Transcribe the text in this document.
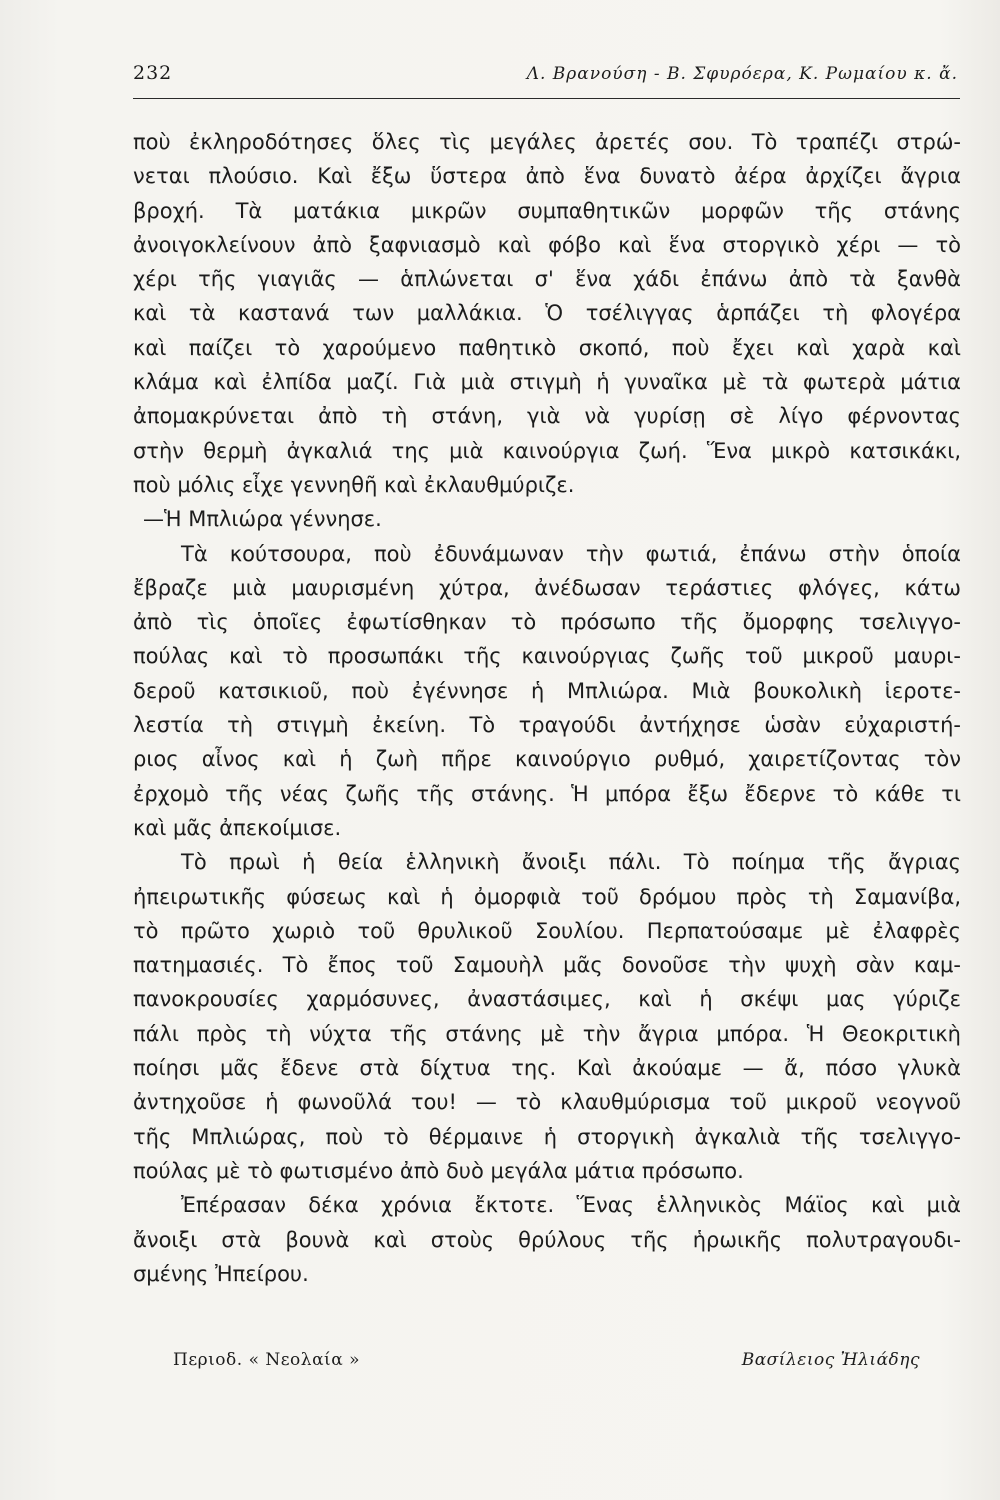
232	Λ. Βρανούση - Β. Σφυρόερα, Κ. Ρωμαίου κ. ἄ.
ποὺ ἐκληροδότησες ὅλες τὶς μεγάλες ἀρετές σου. Τὸ τραπέζι στρώ-
νεται πλούσιο. Καὶ ἔξω ὕστερα ἀπὸ ἕνα δυνατὸ ἀέρα ἀρχίζει ἄγρια
βροχή. Τὰ ματάκια μικρῶν συμπαθητικῶν μορφῶν τῆς στάνης
ἀνοιγοκλείνουν ἀπὸ ξαφνιασμὸ καὶ φόβο καὶ ἕνα στοργικὸ χέρι — τὸ
χέρι τῆς γιαγιᾶς — ἁπλώνεται σ' ἕνα χάδι ἐπάνω ἀπὸ τὰ ξανθὰ
καὶ τὰ καστανά των μαλλάκια. Ὁ τσέλιγγας ἁρπάζει τὴ φλογέρα
καὶ παίζει τὸ χαρούμενο παθητικὸ σκοπό, ποὺ ἔχει καὶ χαρὰ καὶ
κλάμα καὶ ἐλπίδα μαζί. Γιὰ μιὰ στιγμὴ ἡ γυναῖκα μὲ τὰ φωτερὰ μάτια
ἀπομακρύνεται ἀπὸ τὴ στάνη, γιὰ νὰ γυρίσῃ σὲ λίγο φέρνοντας
στὴν θερμὴ ἀγκαλιά της μιὰ καινούργια ζωή. Ἕνα μικρὸ κατσικάκι,
ποὺ μόλις εἶχε γεννηθῆ καὶ ἐκλαυθμύριζε.
—Ἡ Μπλιώρα γέννησε.
Τὰ κούτσουρα, ποὺ ἐδυνάμωναν τὴν φωτιά, ἐπάνω στὴν ὁποία
ἔβραζε μιὰ μαυρισμένη χύτρα, ἀνέδωσαν τεράστιες φλόγες, κάτω
ἀπὸ τὶς ὁποῖες ἐφωτίσθηκαν τὸ πρόσωπο τῆς ὄμορφης τσελιγγο-
πούλας καὶ τὸ προσωπάκι τῆς καινούργιας ζωῆς τοῦ μικροῦ μαυρι-
δεροῦ κατσικιοῦ, ποὺ ἐγέννησε ἡ Μπλιώρα. Μιὰ βουκολικὴ ἱεροτε-
λεστία τὴ στιγμὴ ἐκείνη. Τὸ τραγούδι ἀντήχησε ὡσὰν εὐχαριστή-
ριος αἶνος καὶ ἡ ζωὴ πῆρε καινούργιο ρυθμό, χαιρετίζοντας τὸν
ἐρχομὸ τῆς νέας ζωῆς τῆς στάνης. Ἡ μπόρα ἔξω ἔδερνε τὸ κάθε τι
καὶ μᾶς ἀπεκοίμισε.
Τὸ πρωὶ ἡ θεία ἑλληνικὴ ἄνοιξι πάλι. Τὸ ποίημα τῆς ἄγριας
ἠπειρωτικῆς φύσεως καὶ ἡ ὀμορφιὰ τοῦ δρόμου πρὸς τὴ Σαμανίβα,
τὸ πρῶτο χωριὸ τοῦ θρυλικοῦ Σουλίου. Περπατούσαμε μὲ ἐλαφρὲς
πατημασιές. Τὸ ἔπος τοῦ Σαμουὴλ μᾶς δονοῦσε τὴν ψυχὴ σὰν καμ-
πανοκρουσίες χαρμόσυνες, ἀναστάσιμες, καὶ ἡ σκέψι μας γύριζε
πάλι πρὸς τὴ νύχτα τῆς στάνης μὲ τὴν ἄγρια μπόρα. Ἡ Θεοκριτικὴ
ποίησι μᾶς ἔδενε στὰ δίχτυα της. Καὶ ἀκούαμε — ἄ, πόσο γλυκὰ
ἀντηχοῦσε ἡ φωνοῦλά του! — τὸ κλαυθμύρισμα τοῦ μικροῦ νεογνοῦ
τῆς Μπλιώρας, ποὺ τὸ θέρμαινε ἡ στοργικὴ ἀγκαλιὰ τῆς τσελιγγο-
πούλας μὲ τὸ φωτισμένο ἀπὸ δυὸ μεγάλα μάτια πρόσωπο.
Ἐπέρασαν δέκα χρόνια ἔκτοτε. Ἕνας ἑλληνικὸς Μάϊος καὶ μιὰ
ἄνοιξι στὰ βουνὰ καὶ στοὺς θρύλους τῆς ἡρωικῆς πολυτραγουδι-
σμένης Ἠπείρου.
Περιοδ. « Νεολαία »	Βασίλειος Ἠλιάδης
